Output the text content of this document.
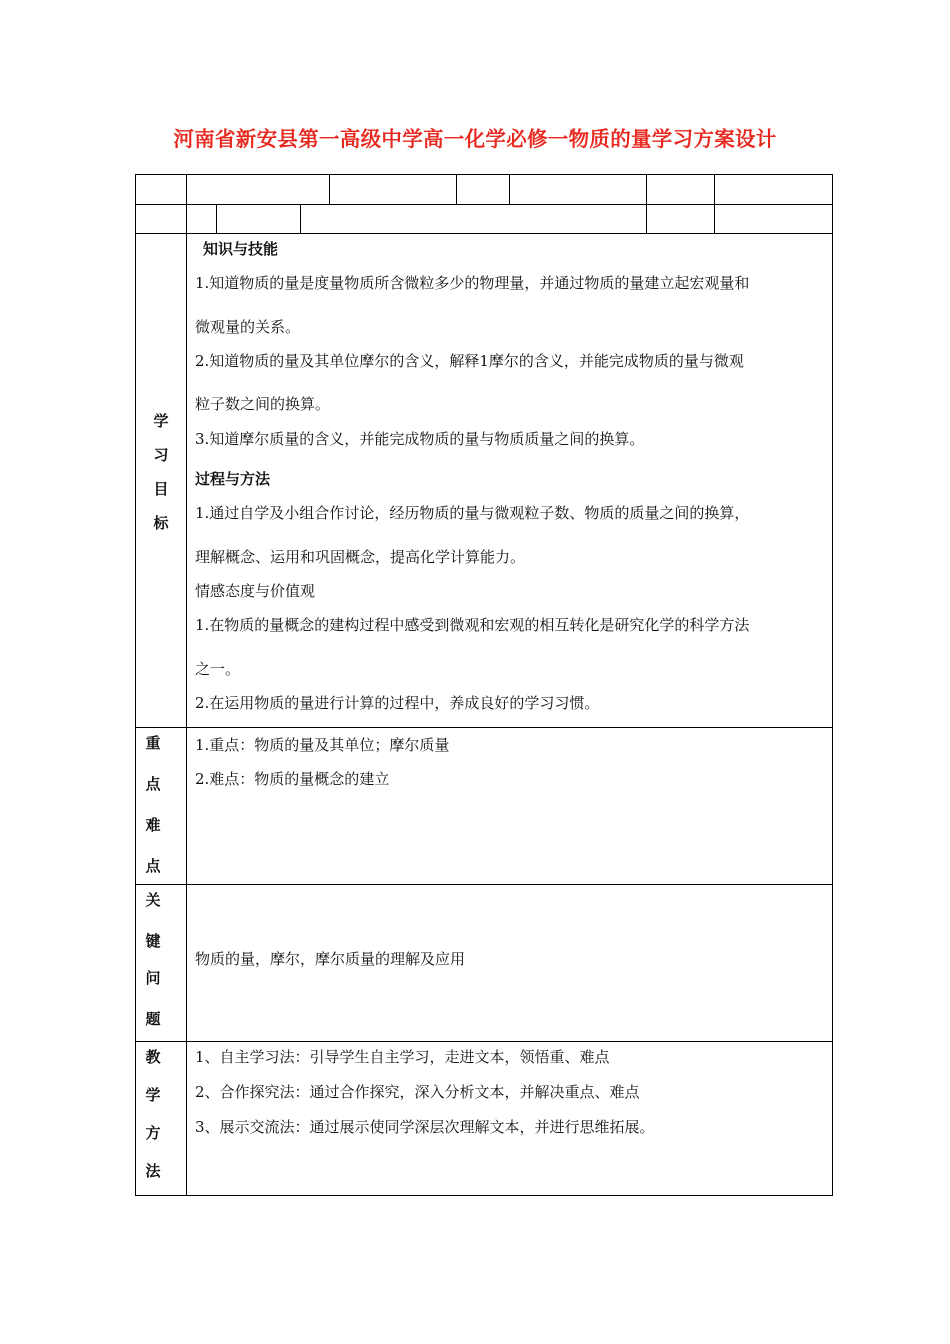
河南省新安县第一高级中学高一化学必修一物质的量学习方案设计
学
习
目
标
知识与技能
1.知道物质的量是度量物质所含微粒多少的物理量，并通过物质的量建立起宏观量和
微观量的关系。
2.知道物质的量及其单位摩尔的含义，解释1摩尔的含义，并能完成物质的量与微观
粒子数之间的换算。
3.知道摩尔质量的含义，并能完成物质的量与物质质量之间的换算。
过程与方法
1.通过自学及小组合作讨论，经历物质的量与微观粒子数、物质的质量之间的换算，
理解概念、运用和巩固概念，提高化学计算能力。
情感态度与价值观
1.在物质的量概念的建构过程中感受到微观和宏观的相互转化是研究化学的科学方法
之一。
2.在运用物质的量进行计算的过程中，养成良好的学习习惯。
重
点
难
点
1.重点：物质的量及其单位；摩尔质量
2.难点：物质的量概念的建立
关
键
问
题
物质的量，摩尔，摩尔质量的理解及应用
教
学
方
法
1、自主学习法：引导学生自主学习，走进文本，领悟重、难点
2、合作探究法：通过合作探究，深入分析文本，并解决重点、难点
3、展示交流法：通过展示使同学深层次理解文本，并进行思维拓展。
